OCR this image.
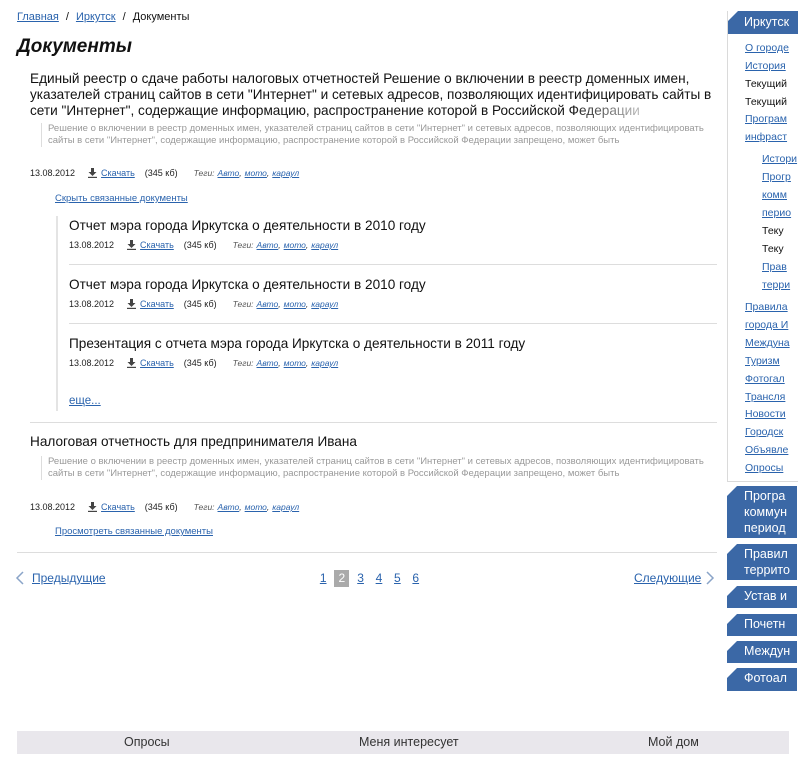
Главная / Иркутск / Документы
Документы

Единый реестр о сдаче работы налоговых отчетностей Решение о включении в реестр доменных имен, указателей страниц сайтов в сети "Интернет" и сетевых адресов, позволяющих идентифицировать сайты в сети "Интернет", содержащие информацию, распространение которой в Российской Федерации

Решение о включении в реестр доменных имен, указателей страниц сайтов в сети "Интернет" и сетевых адресов, позволяющих идентифицировать сайты в сети "Интернет", содержащие информацию, распространение которой в Российской Федерации запрещено, может быть
13.08.2012	Скачать (345 кб) Теги: Авто , мото , караул
Скрыть связанные документы

Отчет мэра города Иркутска о деятельности в 2010 году

13.08.2012	Скачать (345 кб) Теги: Авто , мото , караул

Отчет мэра города Иркутска о деятельности в 2010 году

13.08.2012	Скачать (345 кб) Теги: Авто , мото , караул

Презентация с отчета мэра города Иркутска о деятельности в 2011 году

13.08.2012	Скачать (345 кб) Теги: Авто , мото , караул
еще...

Налоговая отчетность для предпринимателя Ивана

Решение о включении в реестр доменных имен, указателей страниц сайтов в сети "Интернет" и сетевых адресов, позволяющих идентифицировать сайты в сети "Интернет", содержащие информацию, распространение которой в Российской Федерации запрещено, может быть
13.08.2012	Скачать (345 кб) Теги: Авто , мото , караул
Просмотреть связанные документы
Предыдущие	1	2	3 4 5 6	Следующие
Иркутск
О городе
История
Текущий
Текущий
Програм
инфраст
Истори
Прогр
комм
перио
Теку
Теку
Прав
терри
Правила
города И
Междуна
Туризм
Фотогал
Трансля
Новости
Городск
Объявле
Опросы
Програ
коммун
период
Правил
террито
Устав и
Почетн
Междун
Фотоал
Опросы	Меня интересует	Мой дом
